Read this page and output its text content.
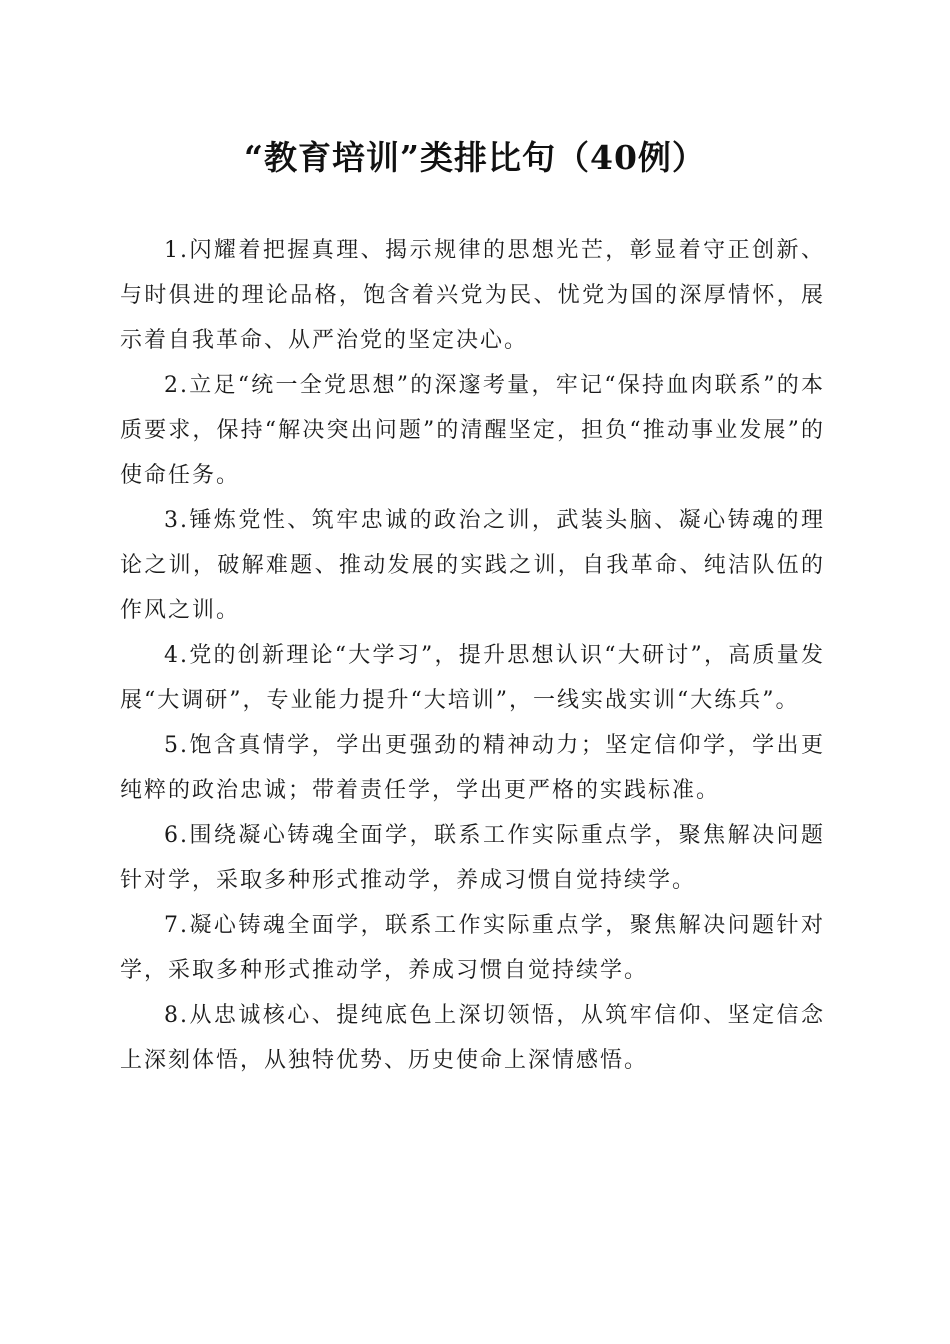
“教育培训”类排比句（40例）

1.闪耀着把握真理、揭示规律的思想光芒，彰显着守正创新、与时俱进的理论品格，饱含着兴党为民、忧党为国的深厚情怀，展示着自我革命、从严治党的坚定决心。

2.立足“统一全党思想”的深邃考量，牢记“保持血肉联系”的本质要求，保持“解决突出问题”的清醒坚定，担负“推动事业发展”的使命任务。

3.锤炼党性、筑牢忠诚的政治之训，武装头脑、凝心铸魂的理论之训，破解难题、推动发展的实践之训，自我革命、纯洁队伍的作风之训。

4.党的创新理论“大学习”，提升思想认识“大研讨”，高质量发展“大调研”，专业能力提升“大培训”，一线实战实训“大练兵”。

5.饱含真情学，学出更强劲的精神动力；坚定信仰学，学出更纯粹的政治忠诚；带着责任学，学出更严格的实践标准。

6.围绕凝心铸魂全面学，联系工作实际重点学，聚焦解决问题针对学，采取多种形式推动学，养成习惯自觉持续学。

7.凝心铸魂全面学，联系工作实际重点学，聚焦解决问题针对学，采取多种形式推动学，养成习惯自觉持续学。

8.从忠诚核心、提纯底色上深切领悟，从筑牢信仰、坚定信念上深刻体悟，从独特优势、历史使命上深情感悟。
